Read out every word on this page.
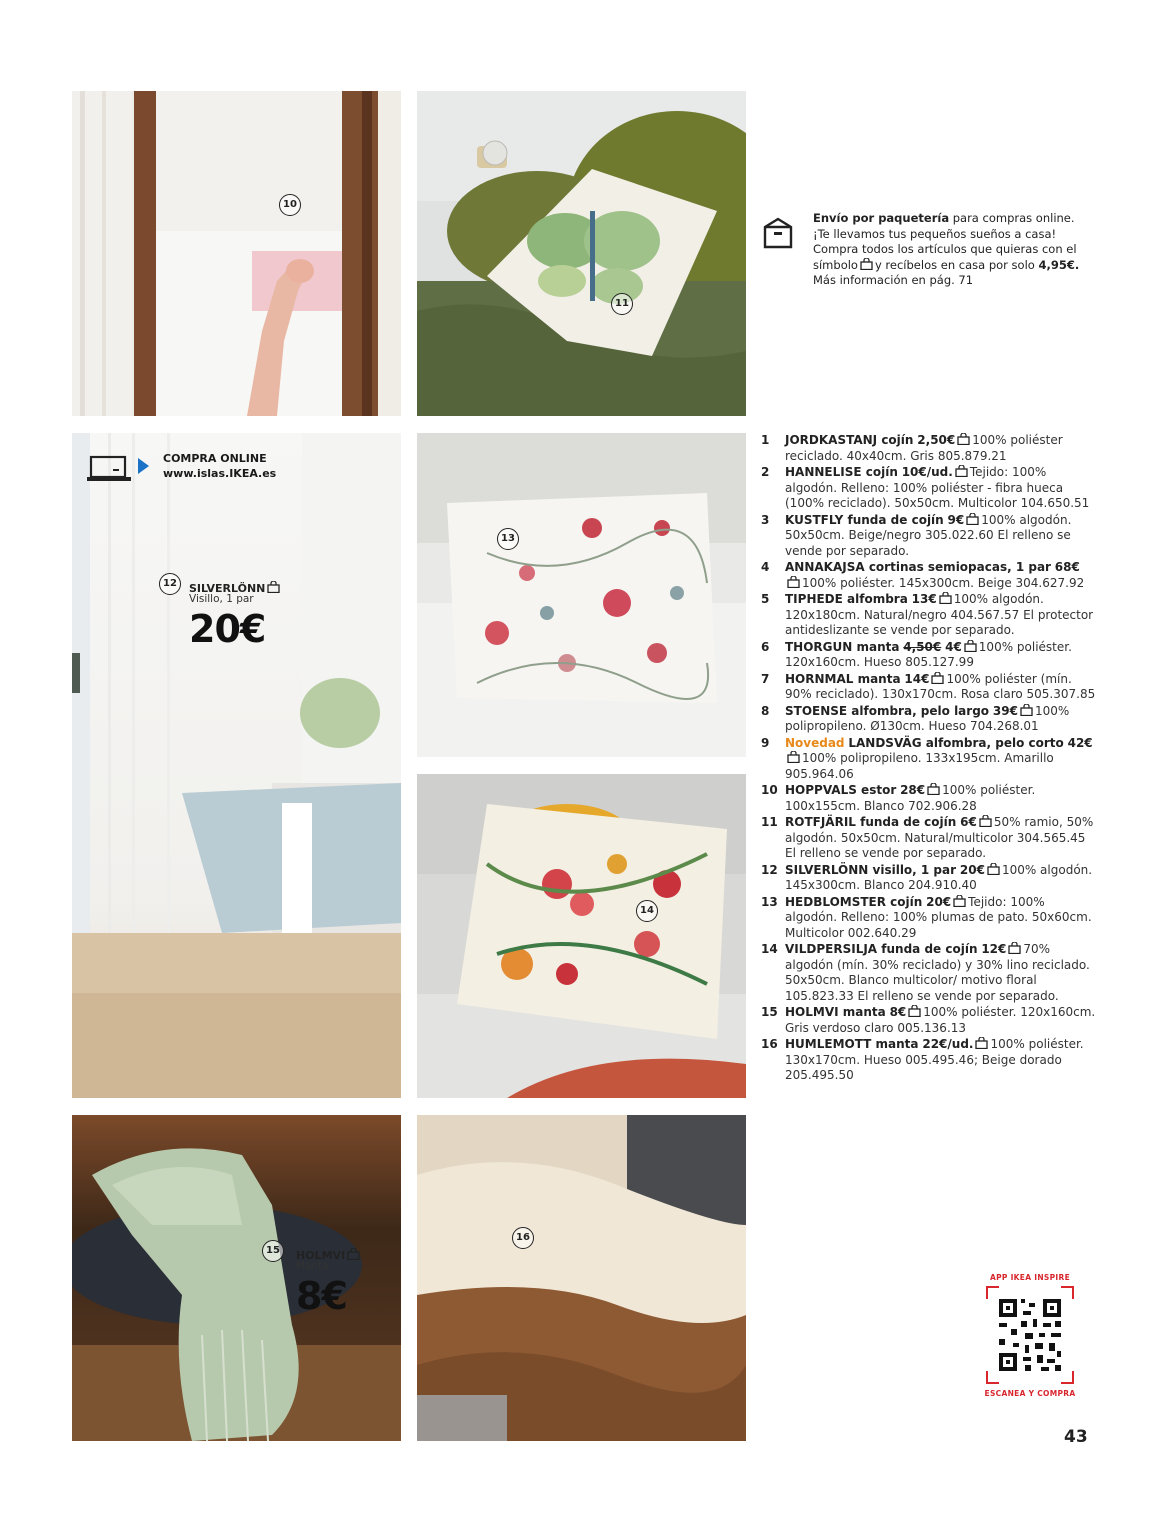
10
11
Envío por paquetería para compras online.
¡Te llevamos tus pequeños sueños a casa!
Compra todos los artículos que quieras con el
símbolo y recíbelos en casa por solo 4,95€.
Más información en pág. 71
COMPRA ONLINE
www.islas.IKEA.es
12	SILVERLÖNN
Visillo, 1 par
20€
13
14
15	HOLMVI
Manta
8€
16
1 JORDKASTANJ cojín 2,50€ 100% poliéster reciclado. 40x40cm. Gris 805.879.21
2 HANNELISE cojín 10€/ud. Tejido: 100% algodón. Relleno: 100% poliéster - fibra hueca (100% reciclado). 50x50cm. Multicolor 104.650.51
3 KUSTFLY funda de cojín 9€ 100% algodón. 50x50cm. Beige/negro 305.022.60 El relleno se vende por separado.
4 ANNAKAJSA cortinas semiopacas, 1 par 68€100% poliéster. 145x300cm. Beige 304.627.92
5 TIPHEDE alfombra 13€ 100% algodón. 120x180cm. Natural/negro 404.567.57 El protector antideslizante se vende por separado.
6 THORGUN manta 4,50€ 4€ 100% poliéster. 120x160cm. Hueso 805.127.99
7 HORNMAL manta 14€ 100% poliéster (mín. 90% reciclado). 130x170cm. Rosa claro 505.307.85
8 STOENSE alfombra, pelo largo 39€ 100% polipropileno. Ø130cm. Hueso 704.268.01
9 Novedad LANDSVÄG alfombra, pelo corto 42€100% polipropileno. 133x195cm. Amarillo 905.964.06
10 HOPPVALS estor 28€ 100% poliéster. 100x155cm. Blanco 702.906.28
11 ROTFJÄRIL funda de cojín 6€ 50% ramio, 50% algodón. 50x50cm. Natural/multicolor 304.565.45 El relleno se vende por separado.
12 SILVERLÖNN visillo, 1 par 20€ 100% algodón. 145x300cm. Blanco 204.910.40
13 HEDBLOMSTER cojín 20€ Tejido: 100% algodón. Relleno: 100% plumas de pato. 50x60cm. Multicolor 002.640.29
14 VILDPERSILJA funda de cojín 12€ 70% algodón (mín. 30% reciclado) y 30% lino reciclado. 50x50cm. Blanco multicolor/ motivo floral 105.823.33 El relleno se vende por separado.
15 HOLMVI manta 8€ 100% poliéster. 120x160cm. Gris verdoso claro 005.136.13
16 HUMLEMOTT manta 22€/ud. 100% poliéster. 130x170cm. Hueso 005.495.46; Beige dorado 205.495.50
APP IKEA INSPIRE
ESCANEA Y COMPRA
43
